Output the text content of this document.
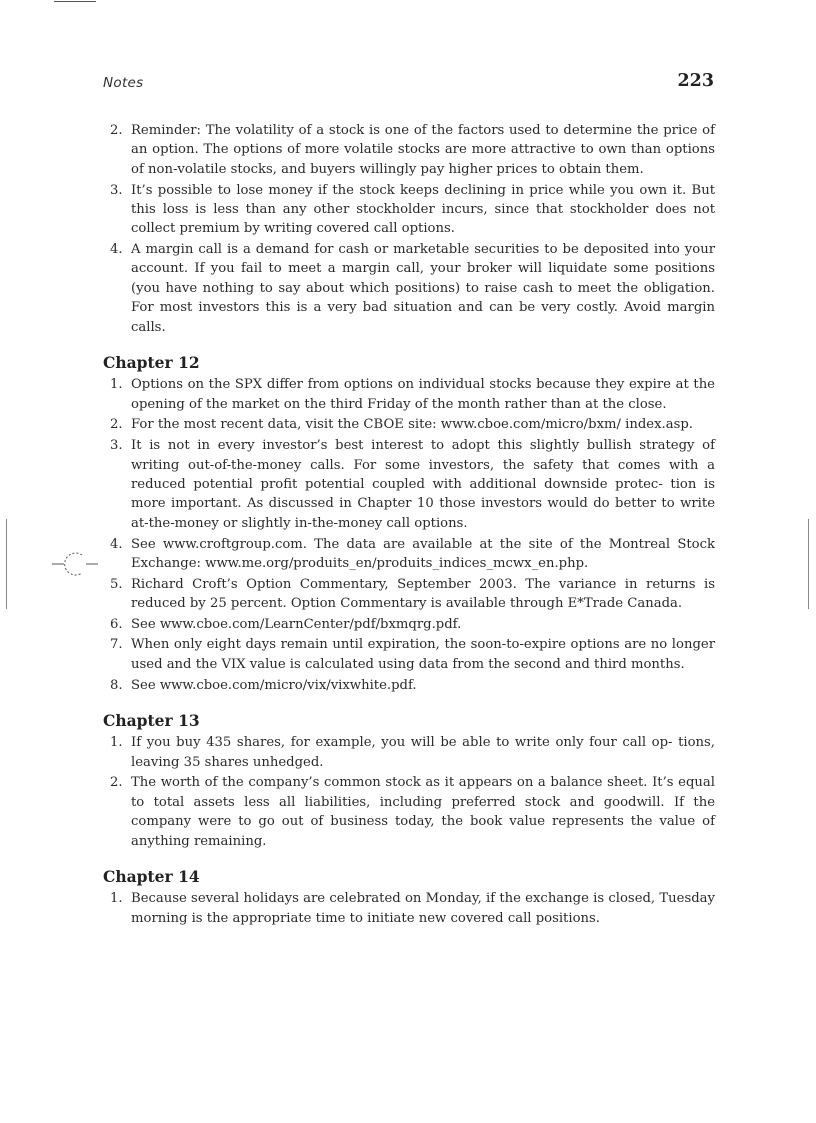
Notes	223
2. Reminder: The volatility of a stock is one of the factors used to determine the price of an option. The options of more volatile stocks are more attractive to own than options of non-volatile stocks, and buyers willingly pay higher prices to obtain them.
3. It’s possible to lose money if the stock keeps declining in price while you own it. But this loss is less than any other stockholder incurs, since that stockholder does not collect premium by writing covered call options.
4. A margin call is a demand for cash or marketable securities to be deposited into your account. If you fail to meet a margin call, your broker will liquidate some positions (you have nothing to say about which positions) to raise cash to meet the obligation. For most investors this is a very bad situation and can be very costly. Avoid margin calls.
Chapter 12
1. Options on the SPX differ from options on individual stocks because they expire at the opening of the market on the third Friday of the month rather than at the close.
2. For the most recent data, visit the CBOE site: www.cboe.com/micro/bxm/ index.asp.
3. It is not in every investor’s best interest to adopt this slightly bullish strategy of writing out-of-the-money calls. For some investors, the safety that comes with a reduced potential profit potential coupled with additional downside protec- tion is more important. As discussed in Chapter 10 those investors would do better to write at-the-money or slightly in-the-money call options.
4. See www.croftgroup.com. The data are available at the site of the Montreal Stock Exchange: www.me.org/produits_en/produits_indices_mcwx_en.php.
5. Richard Croft’s Option Commentary, September 2003. The variance in returns is reduced by 25 percent. Option Commentary is available through E*Trade Canada.
6. See www.cboe.com/LearnCenter/pdf/bxmqrg.pdf.
7. When only eight days remain until expiration, the soon-to-expire options are no longer used and the VIX value is calculated using data from the second and third months.
8. See www.cboe.com/micro/vix/vixwhite.pdf.
Chapter 13
1. If you buy 435 shares, for example, you will be able to write only four call op- tions, leaving 35 shares unhedged.
2. The worth of the company’s common stock as it appears on a balance sheet. It’s equal to total assets less all liabilities, including preferred stock and goodwill. If the company were to go out of business today, the book value represents the value of anything remaining.
Chapter 14
1. Because several holidays are celebrated on Monday, if the exchange is closed, Tuesday morning is the appropriate time to initiate new covered call positions.
